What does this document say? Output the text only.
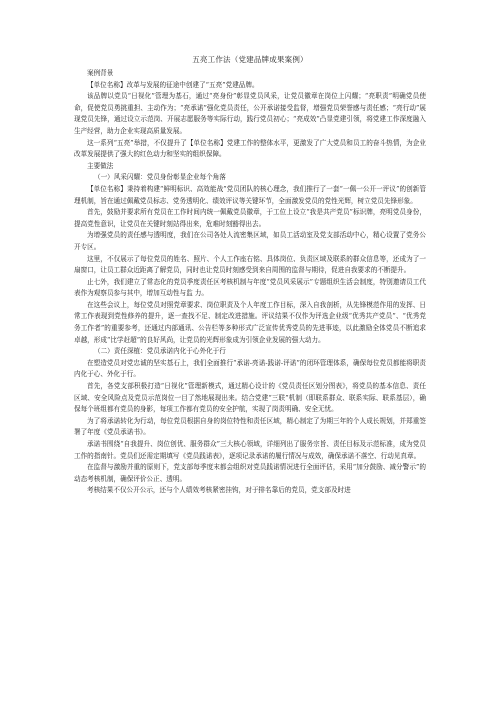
五亮工作法（党建品牌成果案例）

案例背景

【单位名称】改革与发展的征途中创建了“五亮”党建品牌。

该品牌以党员“日视化”管理为基石，通过“亮身份”彰显党员风采，让党员徽章在岗位上闪耀；“亮职责”明确党员使命，促使党员勇挑重担、主动作为；“亮承诺”强化党员责任，公开承诺接受监督，增强党员荣誉感与责任感；“亮行动”展现党员先锋，通过设立示范岗、开展志愿服务等实际行动，践行党员初心；“亮成效”凸显党建引领，将党建工作深度融入生产经营，助力企业实现高质量发展。

这一系列“五亮”举措，不仅提升了【单位名称】党建工作的整体水平，更激发了广大党员和员工的奋斗热情，为企业改革发展提供了强大的红色动力和坚实的组织保障。

主要做法

（一）风采闪耀：党员身份彰显企业每个角落

【单位名称】秉持着构建“鲜明标识、高效能战”党员团队的核心理念，我们推行了一套“一佩一公开一评议”的创新管理机制，旨在通过佩戴党员标志、党务透明化、绩效评议等关键环节，全面激发党员的党性光辉，树立党员先锋形象。

首先，鼓励并要求所有党员在工作时间内统一佩戴党员徽章，于工位上设立“我是共产党员”标识牌，亮明党员身份，提高党性意识，让党员在关键时刻站得出来，危难时刻豁得出去。

为增强党员的责任感与透明度，我们在公司各处人流密集区域，如员工活动室及党支部活动中心，精心设置了党务公开专区。

这里，不仅展示了每位党员的姓名、照片、个人工作座右铭、具体岗位、负责区域及联系的群众信息等，还成为了一扇窗口，让员工群众近距离了解党员，同时也让党员时刻感受到来自周围的监督与期待，促进自我要求的不断提升。

止七外，我们建立了常态化的党员季度责任区考核机制与年度“党员风采展示”专题组织生活会制度，特别邀请员工代表作为观察员参与其中，增加互动性与监 力。

在这些会议上，每位党员对照党章要求、岗位职责及个人年度工作目标，深入自我剖析，从先锋模范作用的发挥、日常工作表现到党性修养的提升，逐一查找不足、制定改进措施。评议结果不仅作为评选企业级“优秀共产党员”、“优秀党务工作者”的重要参考，还通过内部通讯、公告栏等多种形式广泛宣传优秀党员的先进事迹，以此激励全体党员不断追求卓越，形成“比学赶超”的良好风尚，让党员的光辉形象成为引领企业发展的强大动力。

（二）责任深植：党员承诺内化于心外化于行

在塑造党员对党忠诚的坚实基石上，我们全面推行“承诺-亮诺-践诺-评诺”的闭环管理体系，确保每位党员都能将职责内化于心、外化于行。

首先，各党支部积极打造“日视化”管理新模式，通过精心设计的《党员责任区划分图表》，将党员的基本信息、责任区域、安全风险点及党员示范岗位一目了然地展现出来。结合党建“三联”机制（即联系群众、联系实际、联系基层），确保每个班组都有党员的身影，每项工作都有党员的安全护航，实现了岗责明确、安全无忧。

为了将承诺转化为行动，每位党员根据自身的岗位特性和责任区域，精心制定了为期三年的个人成长规划，并郑重签署了年度《党员承诺书》。

承诺书围绕“自我提升、岗位创优、服务群众”三大核心领域，详细列出了服务宗旨、责任目标及示范标准，成为党员工作的指南针。党员们还需定期填写《党员践诺表》，逐项记录承诺的履行情况与成效，确保承诺不落空、行动见真章。

在监督与激励并重的原则下，党支部每季度末都会组织对党员践诺情况进行全面评估，采用“加分鼓励、减分警示”的动态考核机制，确保评价公正、透明。

考核结果不仅公开公示，还与个人绩效考核紧密挂钩，对于排名靠后的党员，党支部及时进
